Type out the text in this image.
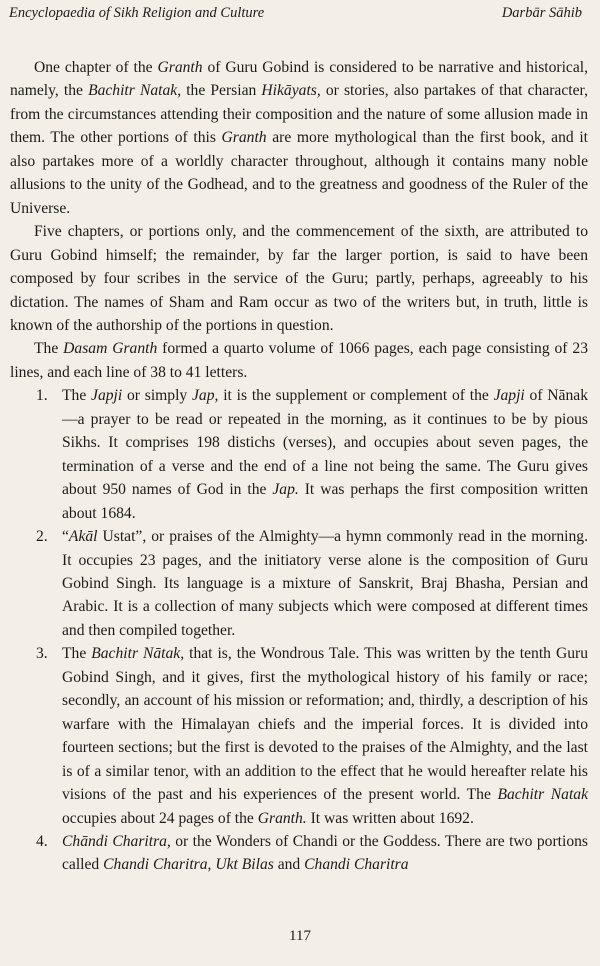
Encyclopaedia of Sikh Religion and Culture	Darbār Sāhib

One chapter of the Granth of Guru Gobind is considered to be narrative and historical, namely, the Bachitr Natak, the Persian Hikāyats, or stories, also partakes of that character, from the circumstances attending their composition and the nature of some allusion made in them. The other portions of this Granth are more mythological than the first book, and it also partakes more of a worldly character throughout, although it contains many noble allusions to the unity of the Godhead, and to the greatness and goodness of the Ruler of the Universe.

Five chapters, or portions only, and the commencement of the sixth, are attributed to Guru Gobind himself; the remainder, by far the larger portion, is said to have been composed by four scribes in the service of the Guru; partly, perhaps, agreeably to his dictation. The names of Sham and Ram occur as two of the writers but, in truth, little is known of the authorship of the portions in question.

The Dasam Granth formed a quarto volume of 1066 pages, each page consisting of 23 lines, and each line of 38 to 41 letters.

1. The Japji or simply Jap, it is the supplement or complement of the Japji of Nānak—a prayer to be read or repeated in the morning, as it continues to be by pious Sikhs. It comprises 198 distichs (verses), and occupies about seven pages, the termination of a verse and the end of a line not being the same. The Guru gives about 950 names of God in the Jap. It was perhaps the first composition written about 1684.
2. “Akāl Ustat”, or praises of the Almighty—a hymn commonly read in the morning. It occupies 23 pages, and the initiatory verse alone is the composition of Guru Gobind Singh. Its language is a mixture of Sanskrit, Braj Bhasha, Persian and Arabic. It is a collection of many subjects which were composed at different times and then compiled together.
3. The Bachitr Nātak, that is, the Wondrous Tale. This was written by the tenth Guru Gobind Singh, and it gives, first the mythological history of his family or race; secondly, an account of his mission or reformation; and, thirdly, a description of his warfare with the Himalayan chiefs and the imperial forces. It is divided into fourteen sections; but the first is devoted to the praises of the Almighty, and the last is of a similar tenor, with an addition to the effect that he would hereafter relate his visions of the past and his experiences of the present world. The Bachitr Natak occupies about 24 pages of the Granth. It was written about 1692.
4. Chāndi Charitra, or the Wonders of Chandi or the Goddess. There are two portions called Chandi Charitra, Ukt Bilas and Chandi Charitra
117
